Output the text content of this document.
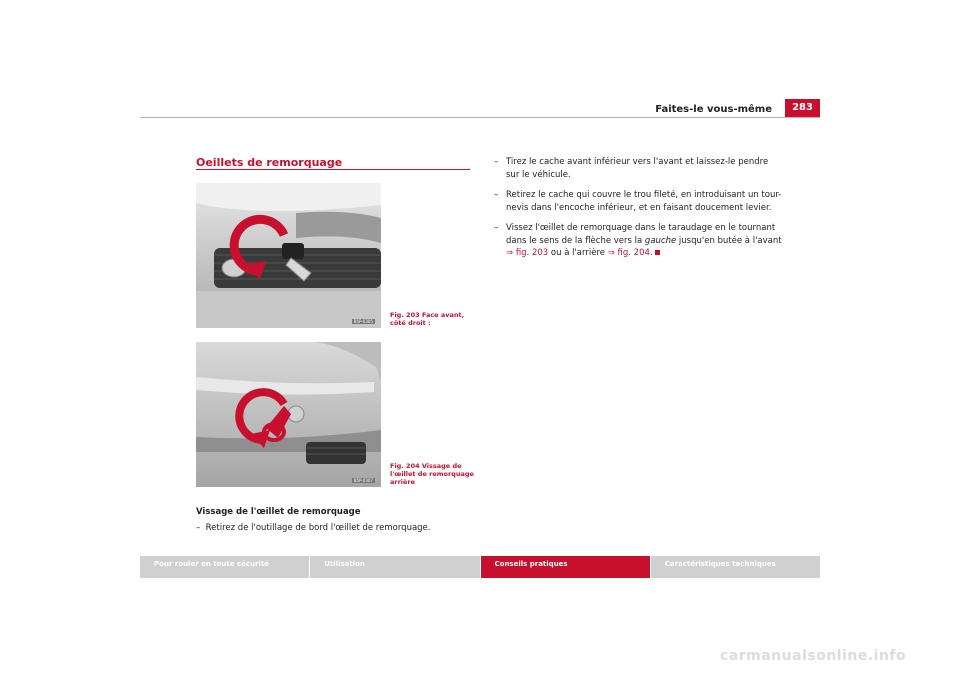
Faites-le vous-même	283
Oeillets de remorquage
B5P-0305
Fig. 203 Face avant, côté droit :
B5P-0307
Fig. 204 Vissage de l'œillet de remorquage arrière
Vissage de l'œillet de remorquage
–  Retirez de l'outillage de bord l'œillet de remorquage.
– Tirez le cache avant inférieur vers l'avant et laissez-le pendre sur le véhicule.
– Retirez le cache qui couvre le trou fileté, en introduisant un tour-nevis dans l'encoche inférieur, et en faisant doucement levier.
– Vissez l'œillet de remorquage dans le taraudage en le tournant dans le sens de la flèche vers la gauche jusqu'en butée à l'avant ⇒ fig. 203 ou à l'arrière ⇒ fig. 204.
Pour rouler en toute sécurité	Utilisation	Conseils pratiques	Caractéristiques techniques
carmanualsonline.info
